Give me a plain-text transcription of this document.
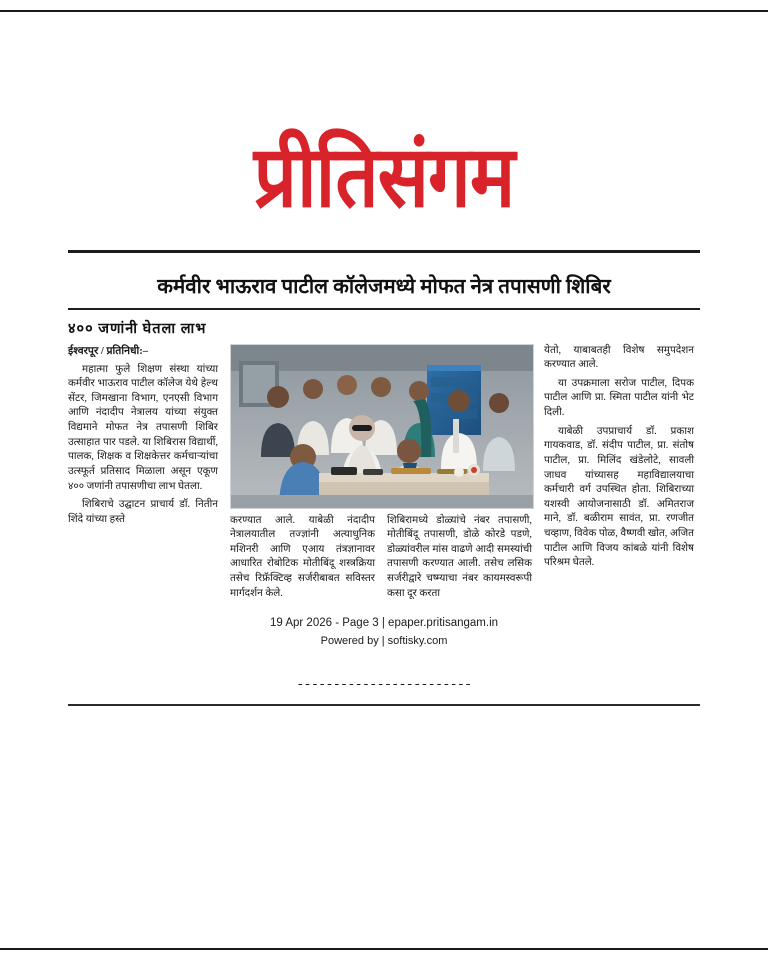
प्रीतिसंगम
कर्मवीर भाऊराव पाटील कॉलेजमध्ये मोफत नेत्र तपासणी शिबिर
४०० जणांनी घेतला लाभ
ईश्वरपूर / प्रतिनिधी:–

महात्मा फुले शिक्षण संस्था यांच्या कर्मवीर भाऊराव पाटील कॉलेज येथे हेल्थ सेंटर, जिमखाना विभाग, एनएसी विभाग आणि नंदादीप नेत्रालय यांच्या संयुक्त विद्यमाने मोफत नेत्र तपासणी शिबिर उत्साहात पार पडले. या शिबिरास विद्यार्थी, पालक, शिक्षक व शिक्षकेत्तर कर्मचाऱ्यांचा उत्स्फूर्त प्रतिसाद मिळाला असून एकूण ४०० जणांनी तपासणीचा लाभ घेतला.

शिबिराचे उद्घाटन प्राचार्य डॉ. नितीन शिंदे यांच्या हस्ते	करण्यात आले. याबेळी नंदादीप नेत्रालयातील तज्ज्ञांनी अत्याधुनिक मशिनरी आणि एआय तंत्रज्ञानावर आधारित रोबोटिक मोतीबिंदू शस्त्रक्रिया तसेच रिफ्रॅक्टिव्ह सर्जरीबाबत सविस्तर मार्गदर्शन केले.

शिबिरामध्ये डोळ्यांचे नंबर तपासणी, मोतीबिंदू तपासणी, डोळे कोरडे पडणे, डोळ्यांवरील मांस वाढणे आदी समस्यांची तपासणी करण्यात आली. तसेच लसिक सर्जरीद्वारे चष्म्याचा नंबर कायमस्वरूपी कसा दूर करता

येतो, याबाबतही विशेष समुपदेशन करण्यात आले.

या उपक्रमाला सरोज पाटील, दिपक पाटील आणि प्रा. स्मिता पाटील यांनी भेट दिली.

याबेळी उपप्राचार्य डॉ. प्रकाश गायकवाड, डॉ. संदीप पाटील, प्रा. संतोष पाटील, प्रा. मिलिंद खंडेलोटे, सावली जाधव यांच्यासह महाविद्यालयाचा कर्मचारी वर्ग उपस्थित होता. शिबिराच्या यशस्वी आयोजनासाठी डॉ. अमितराज माने, डॉ. बळीराम सावंत, प्रा. रणजीत चव्हाण, विवेक पोळ, वैष्णवी खोत, अजित पाटील आणि विजय कांबळे यांनी विशेष परिश्रम घेतले.

19 Apr 2026 - Page 3 | epaper.pritisangam.in
Powered by | softisky.com
------------------------
